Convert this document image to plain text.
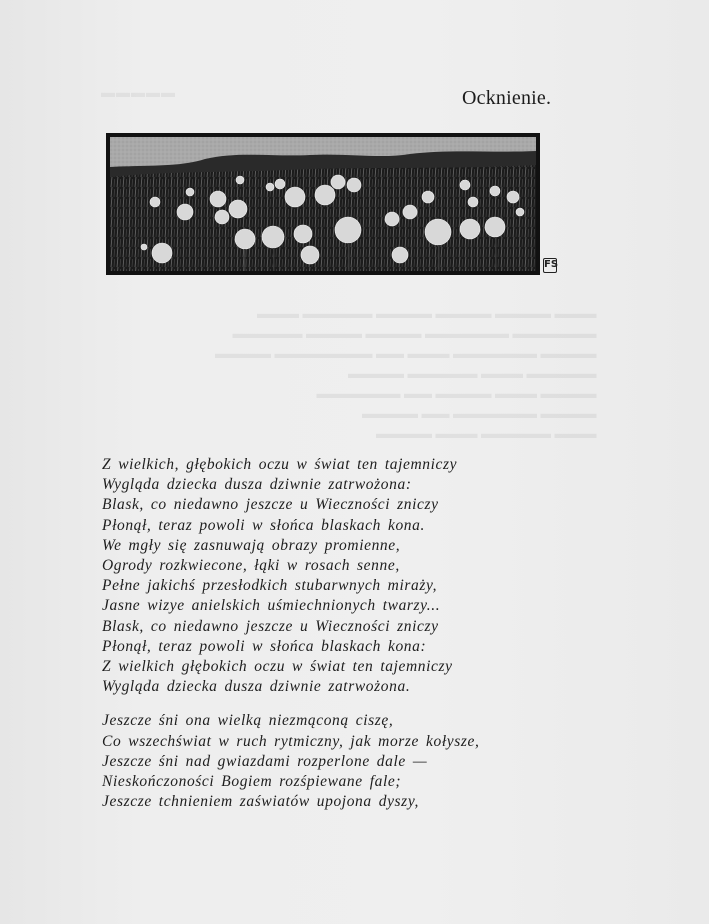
▬▬▬▬▬
▬▬▬ ▬▬▬▬ ▬▬▬▬ ▬▬▬▬ ▬▬▬▬▬ ▬▬▬
▬▬▬▬▬▬ ▬▬▬▬▬▬ ▬▬▬▬ ▬▬▬▬ ▬▬▬▬▬
▬▬▬▬ ▬▬▬▬▬▬ ▬▬▬ ▬▬ ▬▬▬▬▬▬▬ ▬▬▬▬
▬▬▬▬▬ ▬▬▬ ▬▬▬▬▬ ▬▬▬▬
▬▬▬▬ ▬▬▬ ▬▬▬▬ ▬▬ ▬▬▬▬▬▬
▬▬▬▬ ▬▬▬▬▬▬ ▬▬ ▬▬▬▬
▬▬▬ ▬▬▬▬▬ ▬▬▬ ▬▬▬▬
Ocknienie.
FS
Z wielkich, głębokich oczu w świat ten tajemniczy
Wygląda dziecka dusza dziwnie zatrwożona:
Blask, co niedawno jeszcze u Wieczności zniczy
Płonął, teraz powoli w słońca blaskach kona.
We mgły się zasnuwają obrazy promienne,
Ogrody rozkwiecone, łąki w rosach senne,
Pełne jakichś przesłodkich stubarwnych miraży,
Jasne wizye anielskich uśmiechnionych twarzy...
Blask, co niedawno jeszcze u Wieczności zniczy
Płonął, teraz powoli w słońca blaskach kona:
Z wielkich głębokich oczu w świat ten tajemniczy
Wygląda dziecka dusza dziwnie zatrwożona.
Jeszcze śni ona wielką niezmąconą ciszę,
Co wszechświat w ruch rytmiczny, jak morze kołysze,
Jeszcze śni nad gwiazdami rozperlone dale —
Nieskończoności Bogiem rozśpiewane fale;
Jeszcze tchnieniem zaświatów upojona dyszy,
